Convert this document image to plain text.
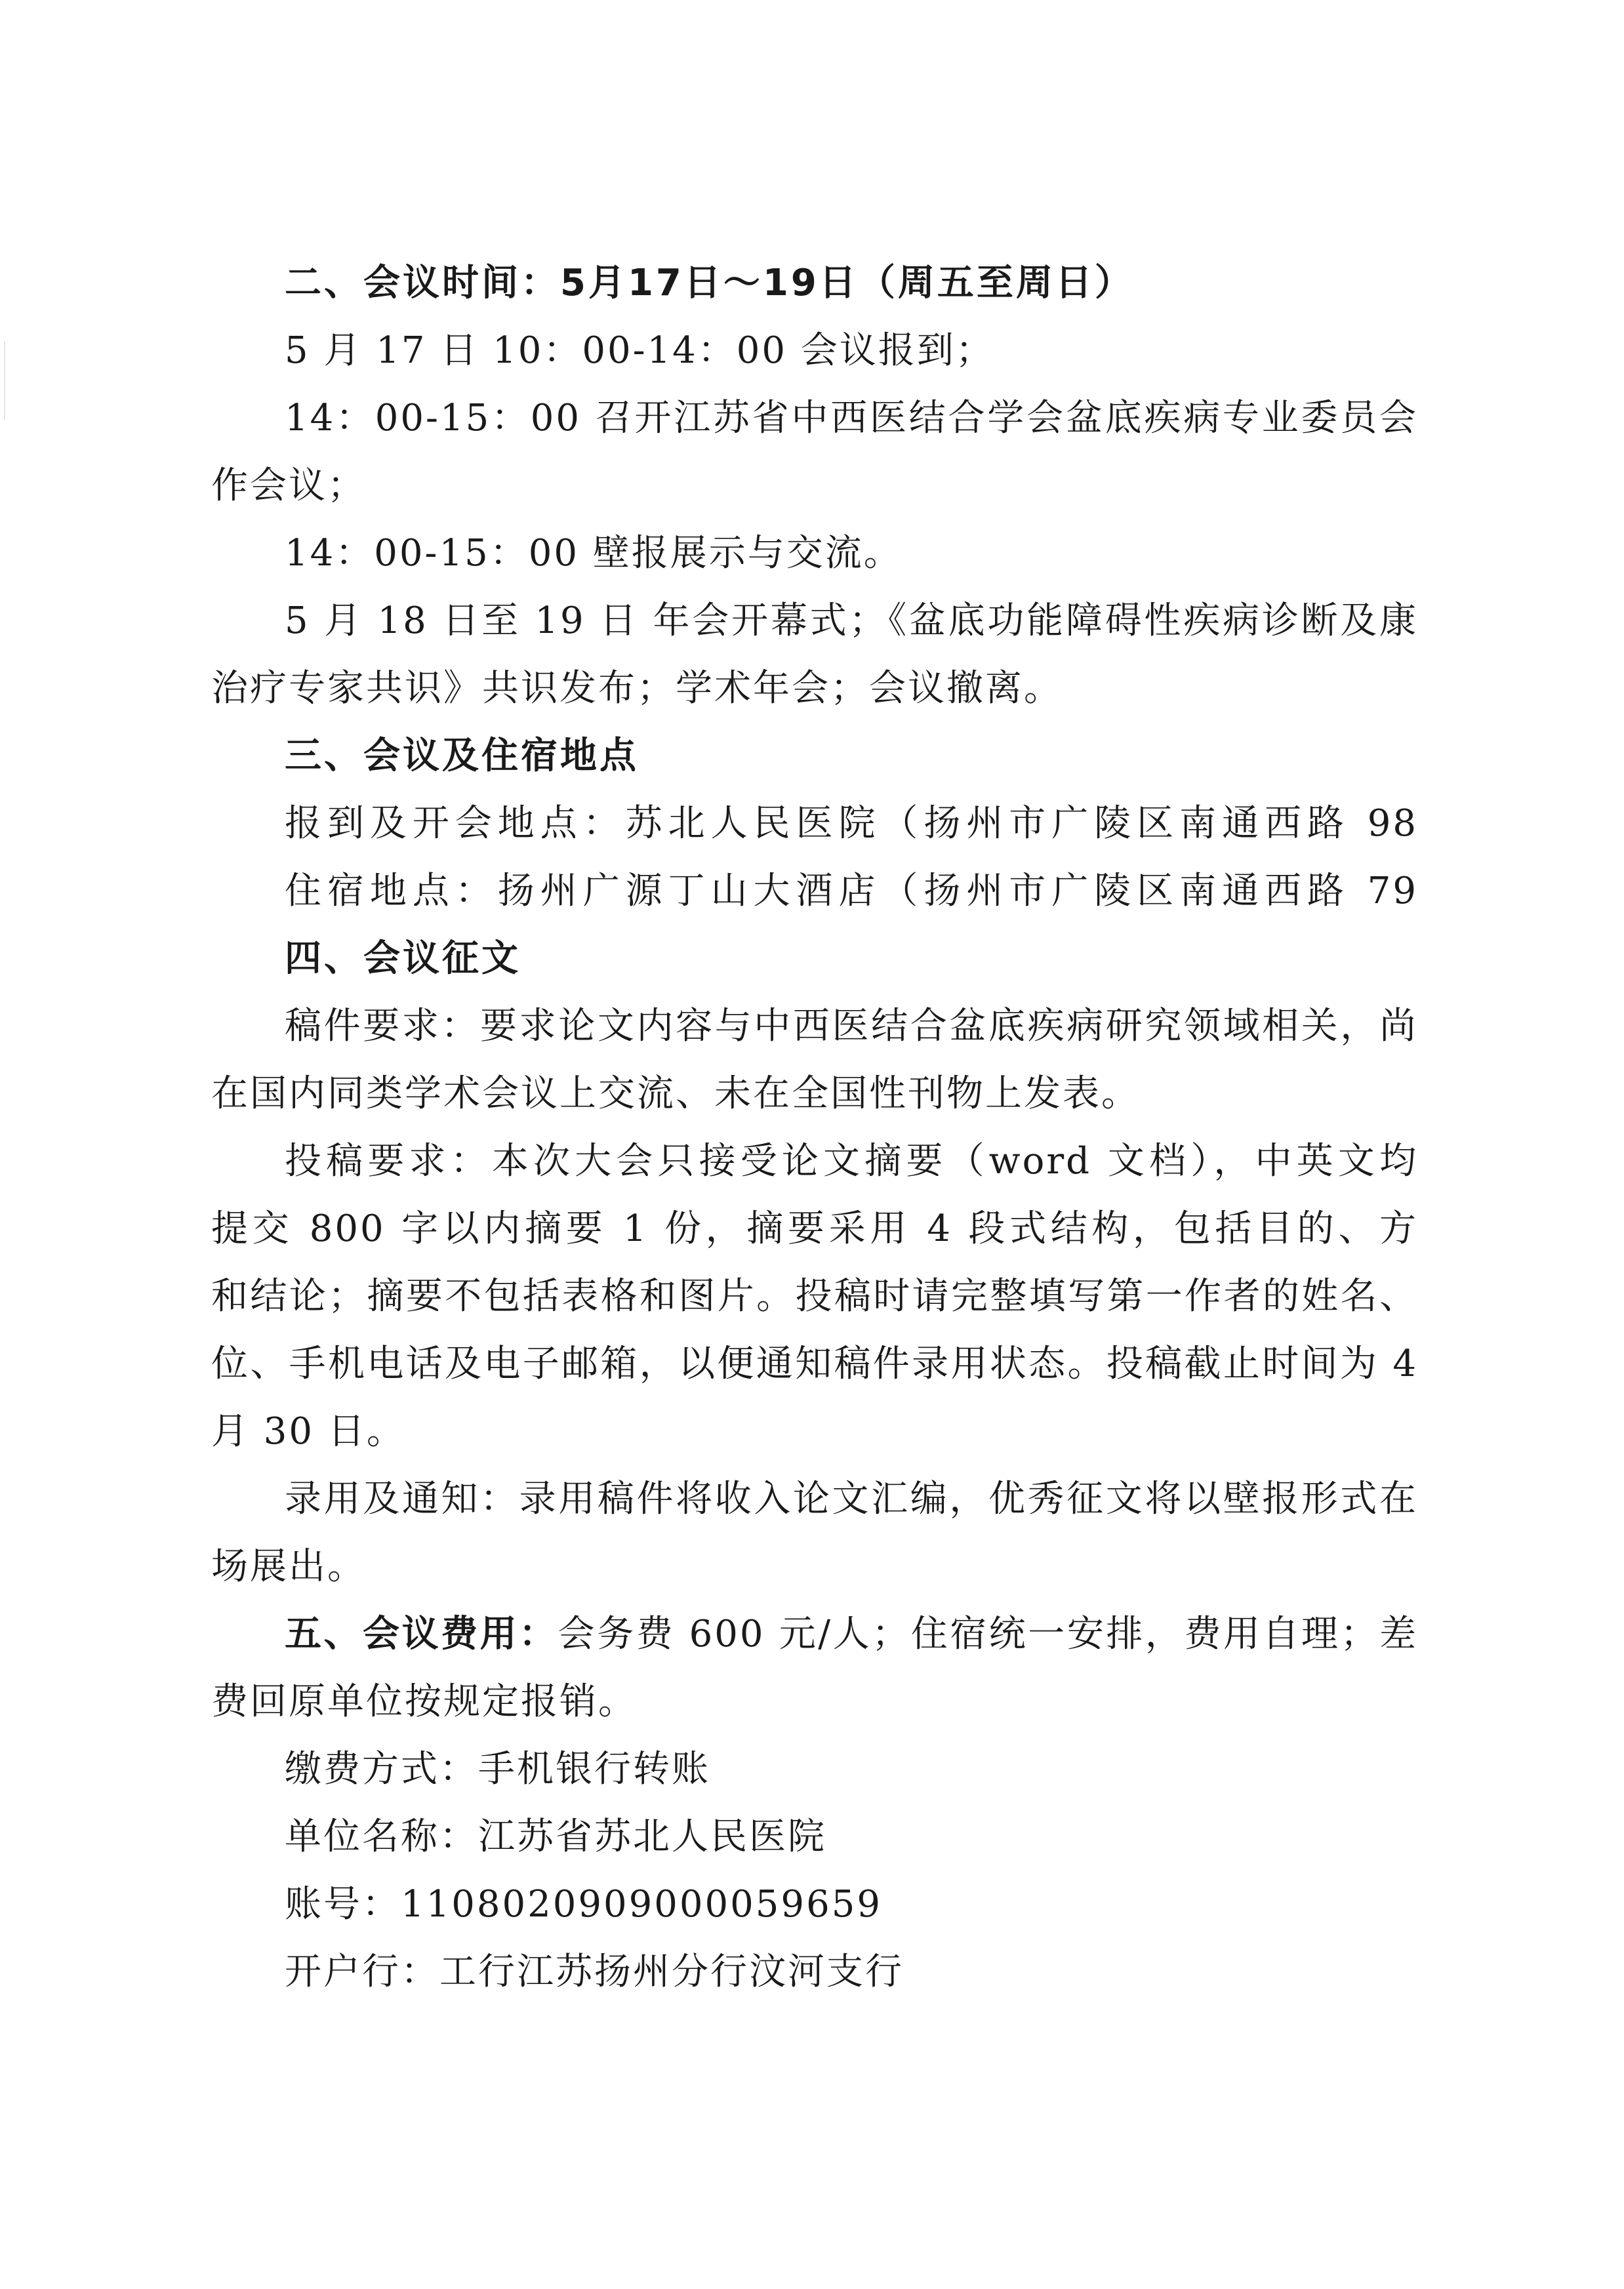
二、会议时间：5月17日～19日（周五至周日）
5 月 17 日 10：00-14：00 会议报到；
14：00-15：00 召开江苏省中西医结合学会盆底疾病专业委员会
作会议；
14：00-15：00 壁报展示与交流。
5 月 18 日至 19 日 年会开幕式；《盆底功能障碍性疾病诊断及康
治疗专家共识》共识发布；学术年会；会议撤离。
三、会议及住宿地点
报到及开会地点：苏北人民医院（扬州市广陵区南通西路 98
住宿地点：扬州广源丁山大酒店（扬州市广陵区南通西路 79
四、会议征文
稿件要求：要求论文内容与中西医结合盆底疾病研究领域相关，尚
在国内同类学术会议上交流、未在全国性刊物上发表。
投稿要求：本次大会只接受论文摘要（word 文档），中英文均
提交 800 字以内摘要 1 份，摘要采用 4 段式结构，包括目的、方
和结论；摘要不包括表格和图片。投稿时请完整填写第一作者的姓名、
位、手机电话及电子邮箱，以便通知稿件录用状态。投稿截止时间为 4
月 30 日。
录用及通知：录用稿件将收入论文汇编，优秀征文将以壁报形式在
场展出。
五、会议费用：会务费 600 元/人；住宿统一安排，费用自理；差
费回原单位按规定报销。
缴费方式：手机银行转账
单位名称：江苏省苏北人民医院
账号：1108020909000059659
开户行：工行江苏扬州分行汶河支行
